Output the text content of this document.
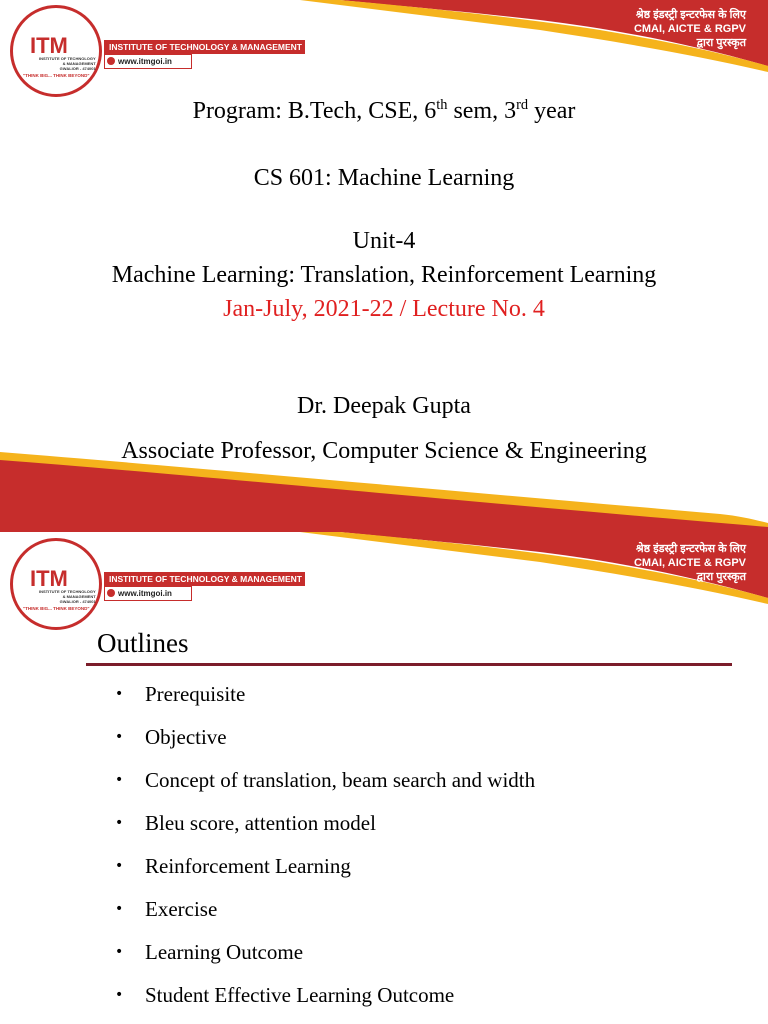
ITM
INSTITUTE OF TECHNOLOGY
& MANAGEMENT
GWALIOR - 474001
"THINK BIG... THINK BEYOND"
INSTITUTE OF TECHNOLOGY & MANAGEMENT
www.itmgoi.in
श्रेष्ठ इंडस्ट्री इन्टरफेस के लिए
CMAI, AICTE & RGPV
द्वारा पुरस्कृत
Program: B.Tech, CSE, 6th sem, 3rd year
CS 601: Machine Learning
Unit-4
Machine Learning: Translation, Reinforcement Learning
Jan-July, 2021-22 / Lecture No. 4
Dr. Deepak Gupta
Associate Professor, Computer Science & Engineering
ITM
INSTITUTE OF TECHNOLOGY
& MANAGEMENT
GWALIOR - 474001
"THINK BIG... THINK BEYOND"
INSTITUTE OF TECHNOLOGY & MANAGEMENT
www.itmgoi.in
श्रेष्ठ इंडस्ट्री इन्टरफेस के लिए
CMAI, AICTE & RGPV
द्वारा पुरस्कृत
Outlines
• Prerequisite
• Objective
• Concept of translation, beam search and width
• Bleu score, attention model
• Reinforcement Learning
• Exercise
• Learning Outcome
• Student Effective Learning Outcome
